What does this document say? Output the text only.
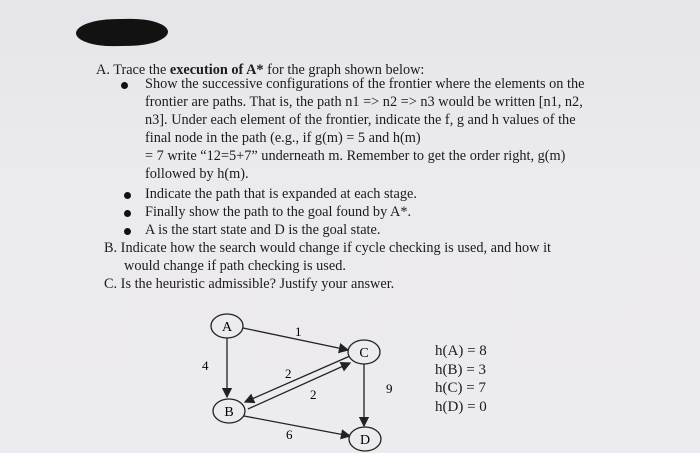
A. Trace the execution of A* for the graph shown below:
Show the successive configurations of the frontier where the elements on the
frontier are paths. That is, the path n1 => n2 => n3 would be written [n1, n2,
n3]. Under each element of the frontier, indicate the f, g and h values of the
final node in the path (e.g., if g(m) = 5 and h(m)
= 7 write “12=5+7” underneath m. Remember to get the order right, g(m)
followed by h(m).
Indicate the path that is expanded at each stage.
Finally show the path to the goal found by A*.
A is the start state and D is the goal state.
B. Indicate how the search would change if cycle checking is used, and how it
would change if path checking is used.
C. Is the heuristic admissible? Justify your answer.
A
B
C
D
1
4
2
2
6
9
h(A) = 8
h(B) = 3
h(C) = 7
h(D) = 0
